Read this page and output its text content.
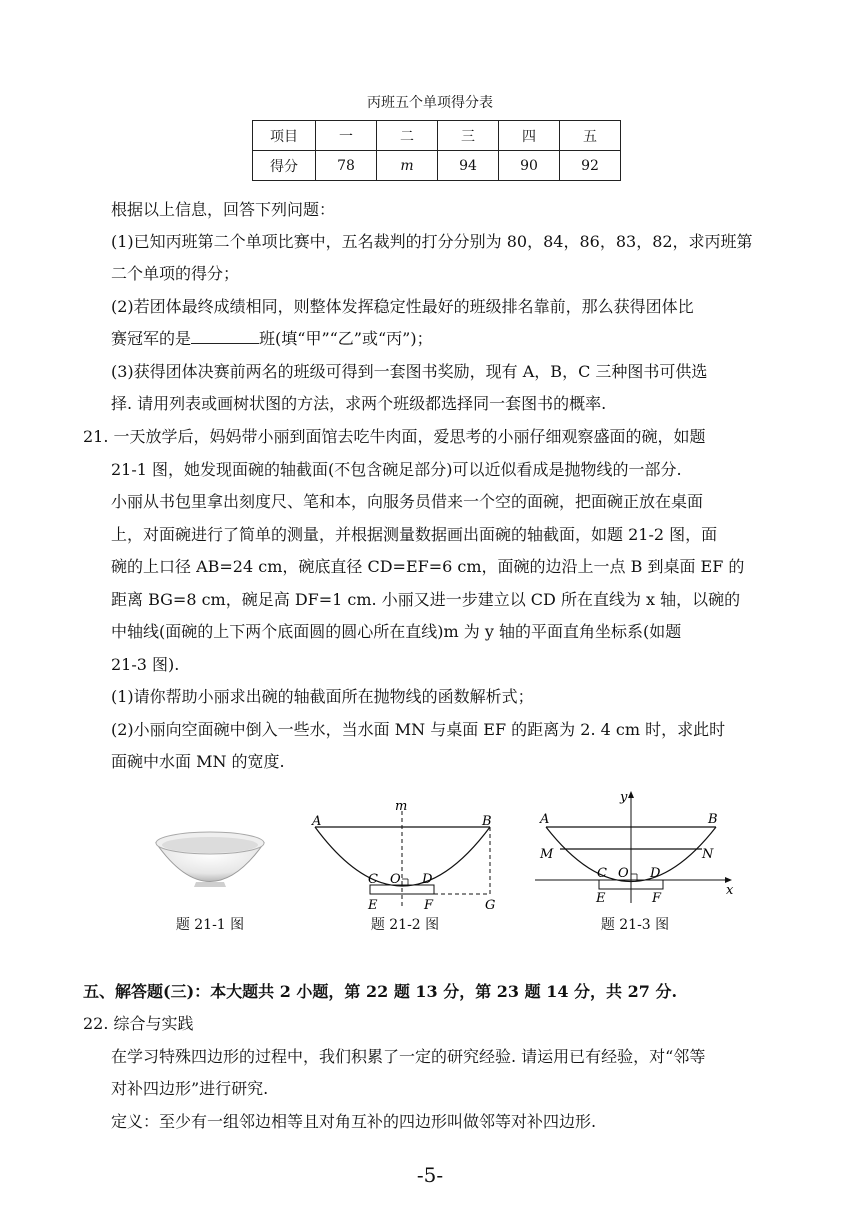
丙班五个单项得分表
项目	一	二	三	四	五
得分	78	m	94	90	92
根据以上信息，回答下列问题：
(1)已知丙班第二个单项比赛中，五名裁判的打分分别为 80，84，86，83，82，求丙班第
二个单项的得分；
(2)若团体最终成绩相同，则整体发挥稳定性最好的班级排名靠前，那么获得团体比
赛冠军的是	班(填“甲”“乙”或“丙”)；
(3)获得团体决赛前两名的班级可得到一套图书奖励，现有 A，B，C 三种图书可供选
择. 请用列表或画树状图的方法，求两个班级都选择同一套图书的概率.
21. 一天放学后，妈妈带小丽到面馆去吃牛肉面，爱思考的小丽仔细观察盛面的碗，如题
21-1 图，她发现面碗的轴截面(不包含碗足部分)可以近似看成是抛物线的一部分.
小丽从书包里拿出刻度尺、笔和本，向服务员借来一个空的面碗，把面碗正放在桌面
上，对面碗进行了简单的测量，并根据测量数据画出面碗的轴截面，如题 21-2 图，面
碗的上口径 AB=24 cm，碗底直径 CD=EF=6 cm，面碗的边沿上一点 B 到桌面 EF 的
距离 BG=8 cm，碗足高 DF=1 cm. 小丽又进一步建立以 CD 所在直线为 x 轴，以碗的
中轴线(面碗的上下两个底面圆的圆心所在直线)m 为 y 轴的平面直角坐标系(如题
21-3 图).
(1)请你帮助小丽求出碗的轴截面所在抛物线的函数解析式；
(2)小丽向空面碗中倒入一些水，当水面 MN 与桌面 EF 的距离为 2. 4 cm 时，求此时
面碗中水面 MN 的宽度.
题 21-1 图
m
A	B
C O D
E	F	G
题 21-2 图
y
A	B
M	N
C O D
E	F
x
题 21-3 图
五、解答题(三)：本大题共 2 小题，第 22 题 13 分，第 23 题 14 分，共 27 分.
22. 综合与实践
在学习特殊四边形的过程中，我们积累了一定的研究经验. 请运用已有经验，对“邻等
对补四边形”进行研究.
定义：至少有一组邻边相等且对角互补的四边形叫做邻等对补四边形.
-5-
